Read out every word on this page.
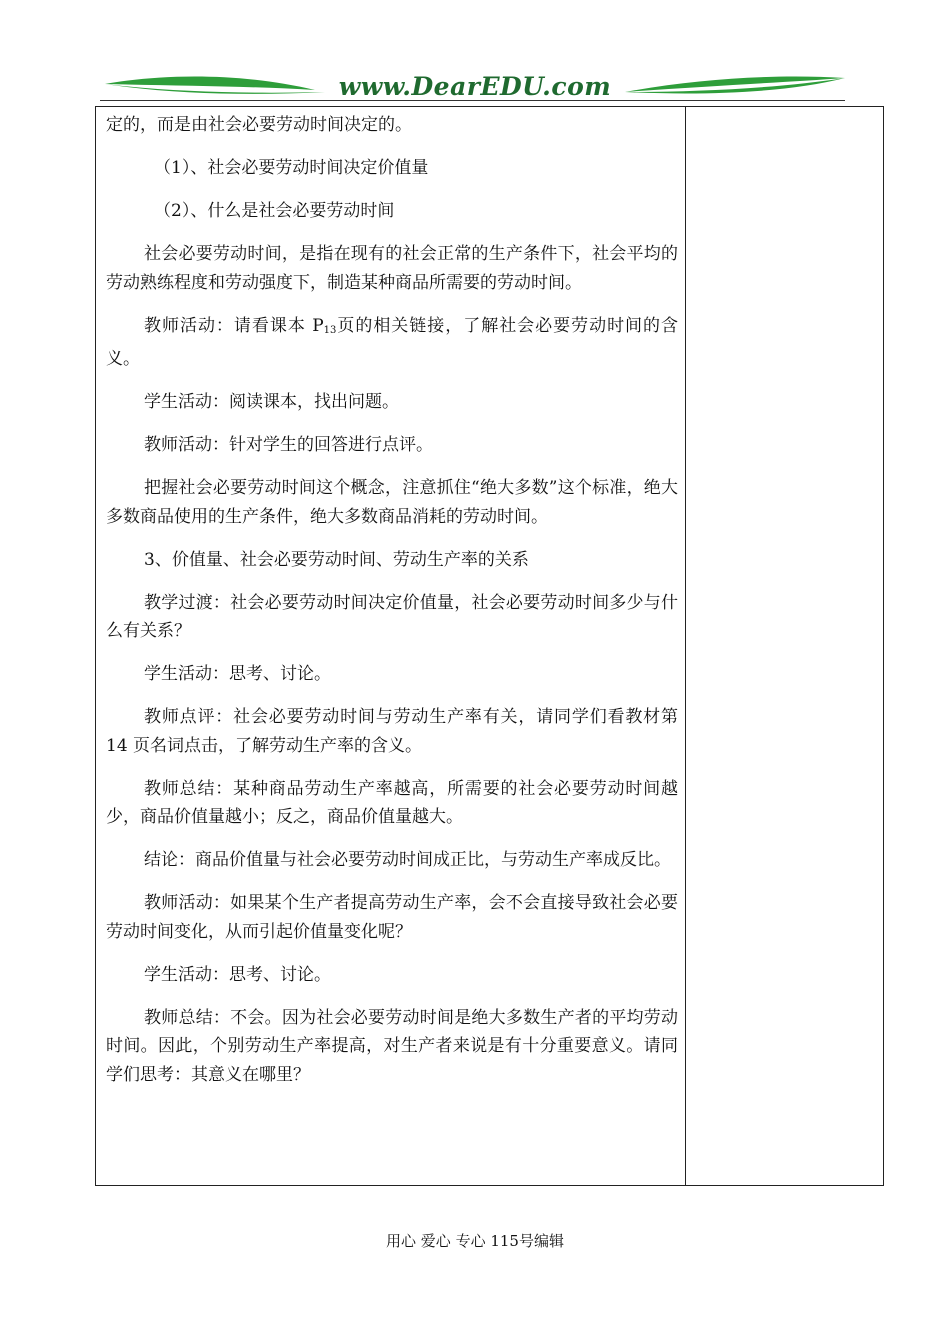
www.DearEDU.com

定的，而是由社会必要劳动时间决定的。

（1）、社会必要劳动时间决定价值量

（2）、什么是社会必要劳动时间

社会必要劳动时间，是指在现有的社会正常的生产条件下，社会平均的劳动熟练程度和劳动强度下，制造某种商品所需要的劳动时间。

教师活动：请看课本 $P_{13}$页的相关链接，了解社会必要劳动时间的含义。

学生活动：阅读课本，找出问题。

教师活动：针对学生的回答进行点评。

把握社会必要劳动时间这个概念，注意抓住“绝大多数”这个标准，绝大多数商品使用的生产条件，绝大多数商品消耗的劳动时间。

3、价值量、社会必要劳动时间、劳动生产率的关系

教学过渡：社会必要劳动时间决定价值量，社会必要劳动时间多少与什么有关系？

学生活动：思考、讨论。

教师点评：社会必要劳动时间与劳动生产率有关，请同学们看教材第 14 页名词点击，了解劳动生产率的含义。

教师总结：某种商品劳动生产率越高，所需要的社会必要劳动时间越少，商品价值量越小；反之，商品价值量越大。

结论：商品价值量与社会必要劳动时间成正比，与劳动生产率成反比。

教师活动：如果某个生产者提高劳动生产率，会不会直接导致社会必要劳动时间变化，从而引起价值量变化呢？

学生活动：思考、讨论。

教师总结：不会。因为社会必要劳动时间是绝大多数生产者的平均劳动时间。因此，个别劳动生产率提高，对生产者来说是有十分重要意义。请同学们思考：其意义在哪里？

用心 爱心 专心 115号编辑
